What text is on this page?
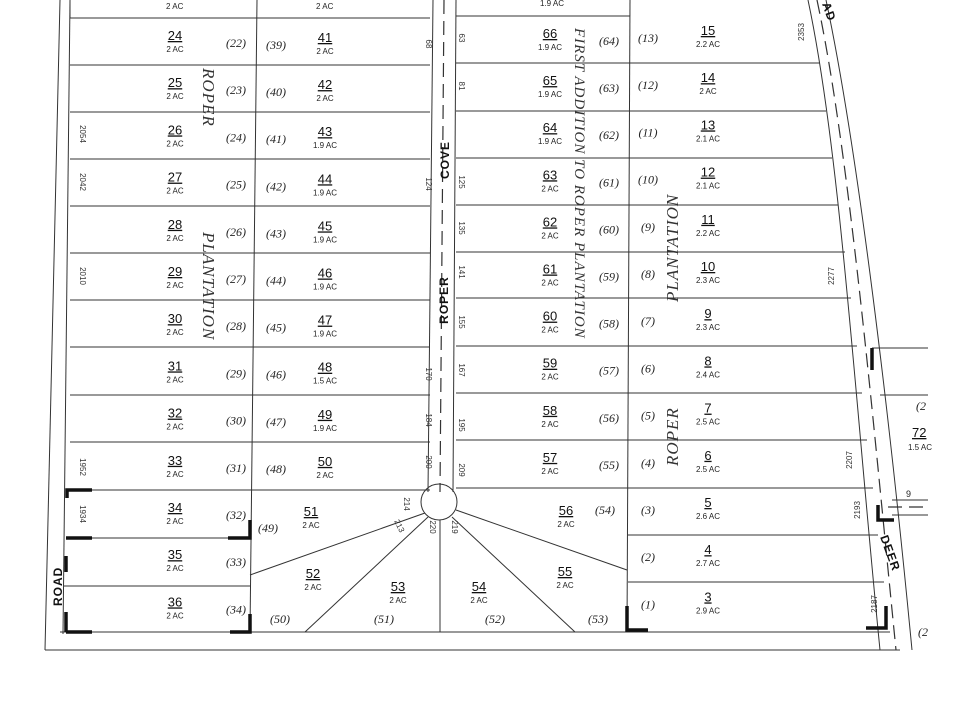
ROAD
COVE
ROPER
AD
DEER
ROPER
PLANTATION	FIRST ADDITION TO ROPER PLANTATION	PLANTATION
ROPER
2 AC	2 AC	1.9 AC
24
2 AC	(22)
25
2 AC	(23)
26
2 AC	(24)
27
2 AC	(25)
28
2 AC	(26)
29
2 AC	(27)
30
2 AC	(28)
31
2 AC	(29)
32
2 AC	(30)
33
2 AC	(31)
34
2 AC	(32)
35
2 AC	(33)
36
2 AC	(34)
41
2 AC
(39)
42
2 AC
(40)
43
1.9 AC
(41)
44
1.9 AC
(42)
45
1.9 AC
(43)
46
1.9 AC
(44)
47
1.9 AC
(45)
48
1.5 AC
(46)
49
1.9 AC
(47)
50
2 AC
(48)
66
1.9 AC	(64)
65
1.9 AC	(63)
64
1.9 AC	(62)
63
2 AC	(61)
62
2 AC	(60)
61
2 AC	(59)
60
2 AC	(58)
59
2 AC	(57)
58
2 AC	(56)
57
2 AC	(55)
15
2.2 AC
(13)
14
2 AC
(12)
13
2.1 AC
(11)
12
2.1 AC
(10)
11
2.2 AC
(9)
10
2.3 AC
(8)
9
2.3 AC
(7)
8
2.4 AC
(6)
7
2.5 AC
(5)
6
2.5 AC
(4)
5
2.6 AC
(3)
4
2.7 AC
(2)
3
2.9 AC
(1)
51
2 AC
(49)
52
2 AC
(50)
53
2 AC
(51)
54
2 AC
(52)
55
2 AC
(53)
56
2 AC
(54)
72
1.5 AC
(2
9
(2
2054
2042
2010
1952
1934
68
124
170
184
200
214
63
81
125
135
141
155
167
195
209
213	220 219
2353
2277
2207
2193
2187
